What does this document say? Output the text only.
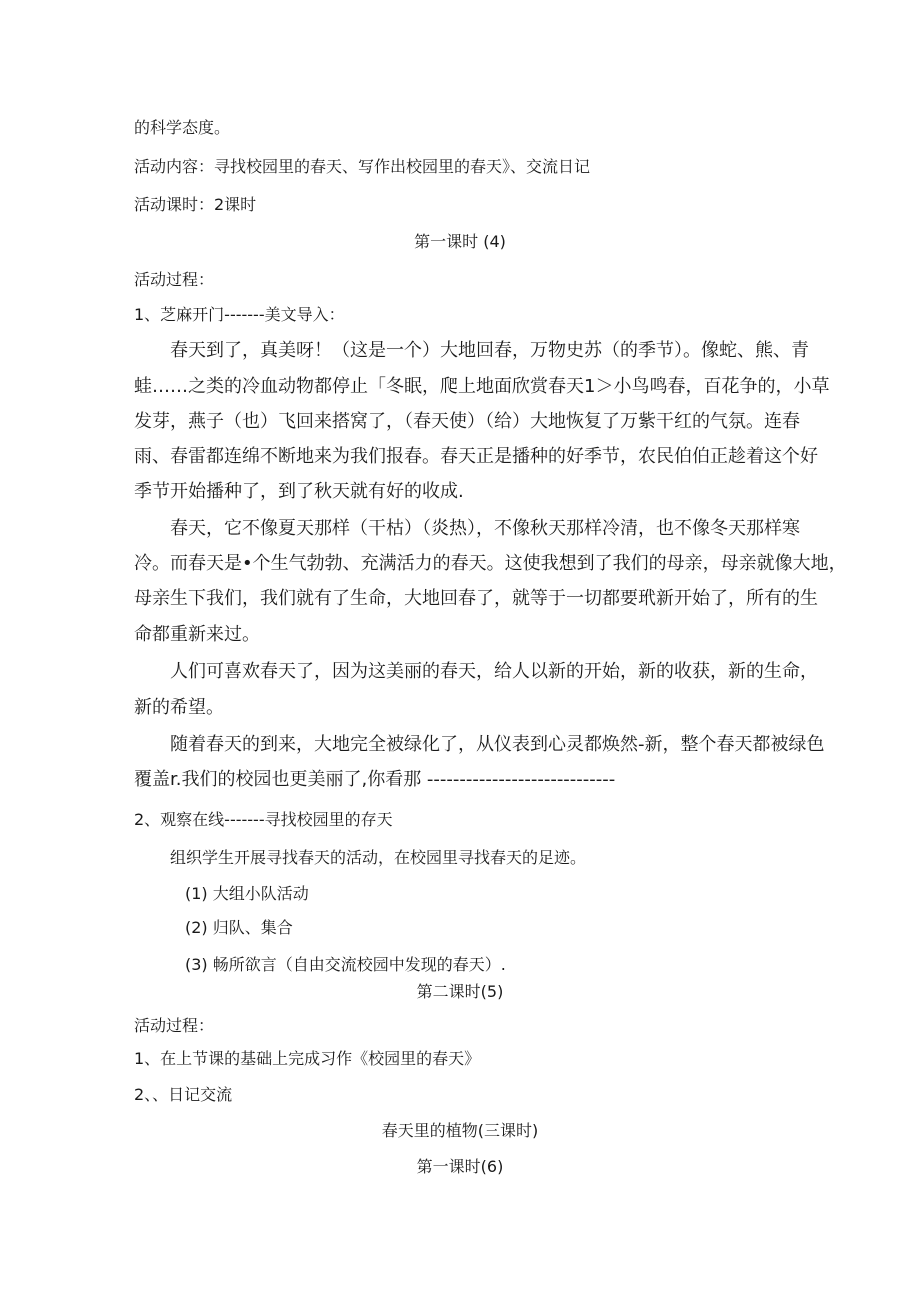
的科学态度。
活动内容：寻找校园里的春天、写作出校园里的春天》、交流日记
活动课时：2课时
第一课时 (4)
活动过程：
1、芝麻开门-------美文导入：
春天到了，真美呀！（这是一个）大地回春，万物史苏（的季节）。像蛇、熊、青
蛙……之类的冷血动物都停止「冬眠，爬上地面欣赏春天1＞小鸟鸣春，百花争的，小草
发芽，燕子（也）飞回来搭窝了，（春天使）（给）大地恢复了万紫干红的气氛。连春
雨、春雷都连绵不断地来为我们报春。春天正是播种的好季节，农民伯伯正趁着这个好
季节开始播种了，到了秋天就有好的收成.
春天，它不像夏天那样（干枯）（炎热），不像秋天那样冷清，也不像冬天那样寒
冷。而春天是•个生气勃勃、充满活力的春天。这使我想到了我们的母亲，母亲就像大地，
母亲生下我们，我们就有了生命，大地回春了，就等于一切都要玳新开始了，所有的生
命都重新来过。
人们可喜欢春天了，因为这美丽的春天，给人以新的开始，新的收获，新的生命，
新的希望。
随着春天的到来，大地完全被绿化了，从仪表到心灵都焕然-新，整个春天都被绿色
覆盖r.我们的校园也更美丽了,你看那 -----------------------------
2、观察在线-------寻找校园里的存天
组织学生开展寻找春天的活动，在校园里寻找春天的足迹。
(1) 大组小队活动
(2) 归队、集合
(3) 畅所欲言（自由交流校园中发现的春天）.
第二课时(5)
活动过程：
1、在上节课的基础上完成习作《校园里的春天》
2、、日记交流
春天里的植物(三课时)
第一课时(6)
